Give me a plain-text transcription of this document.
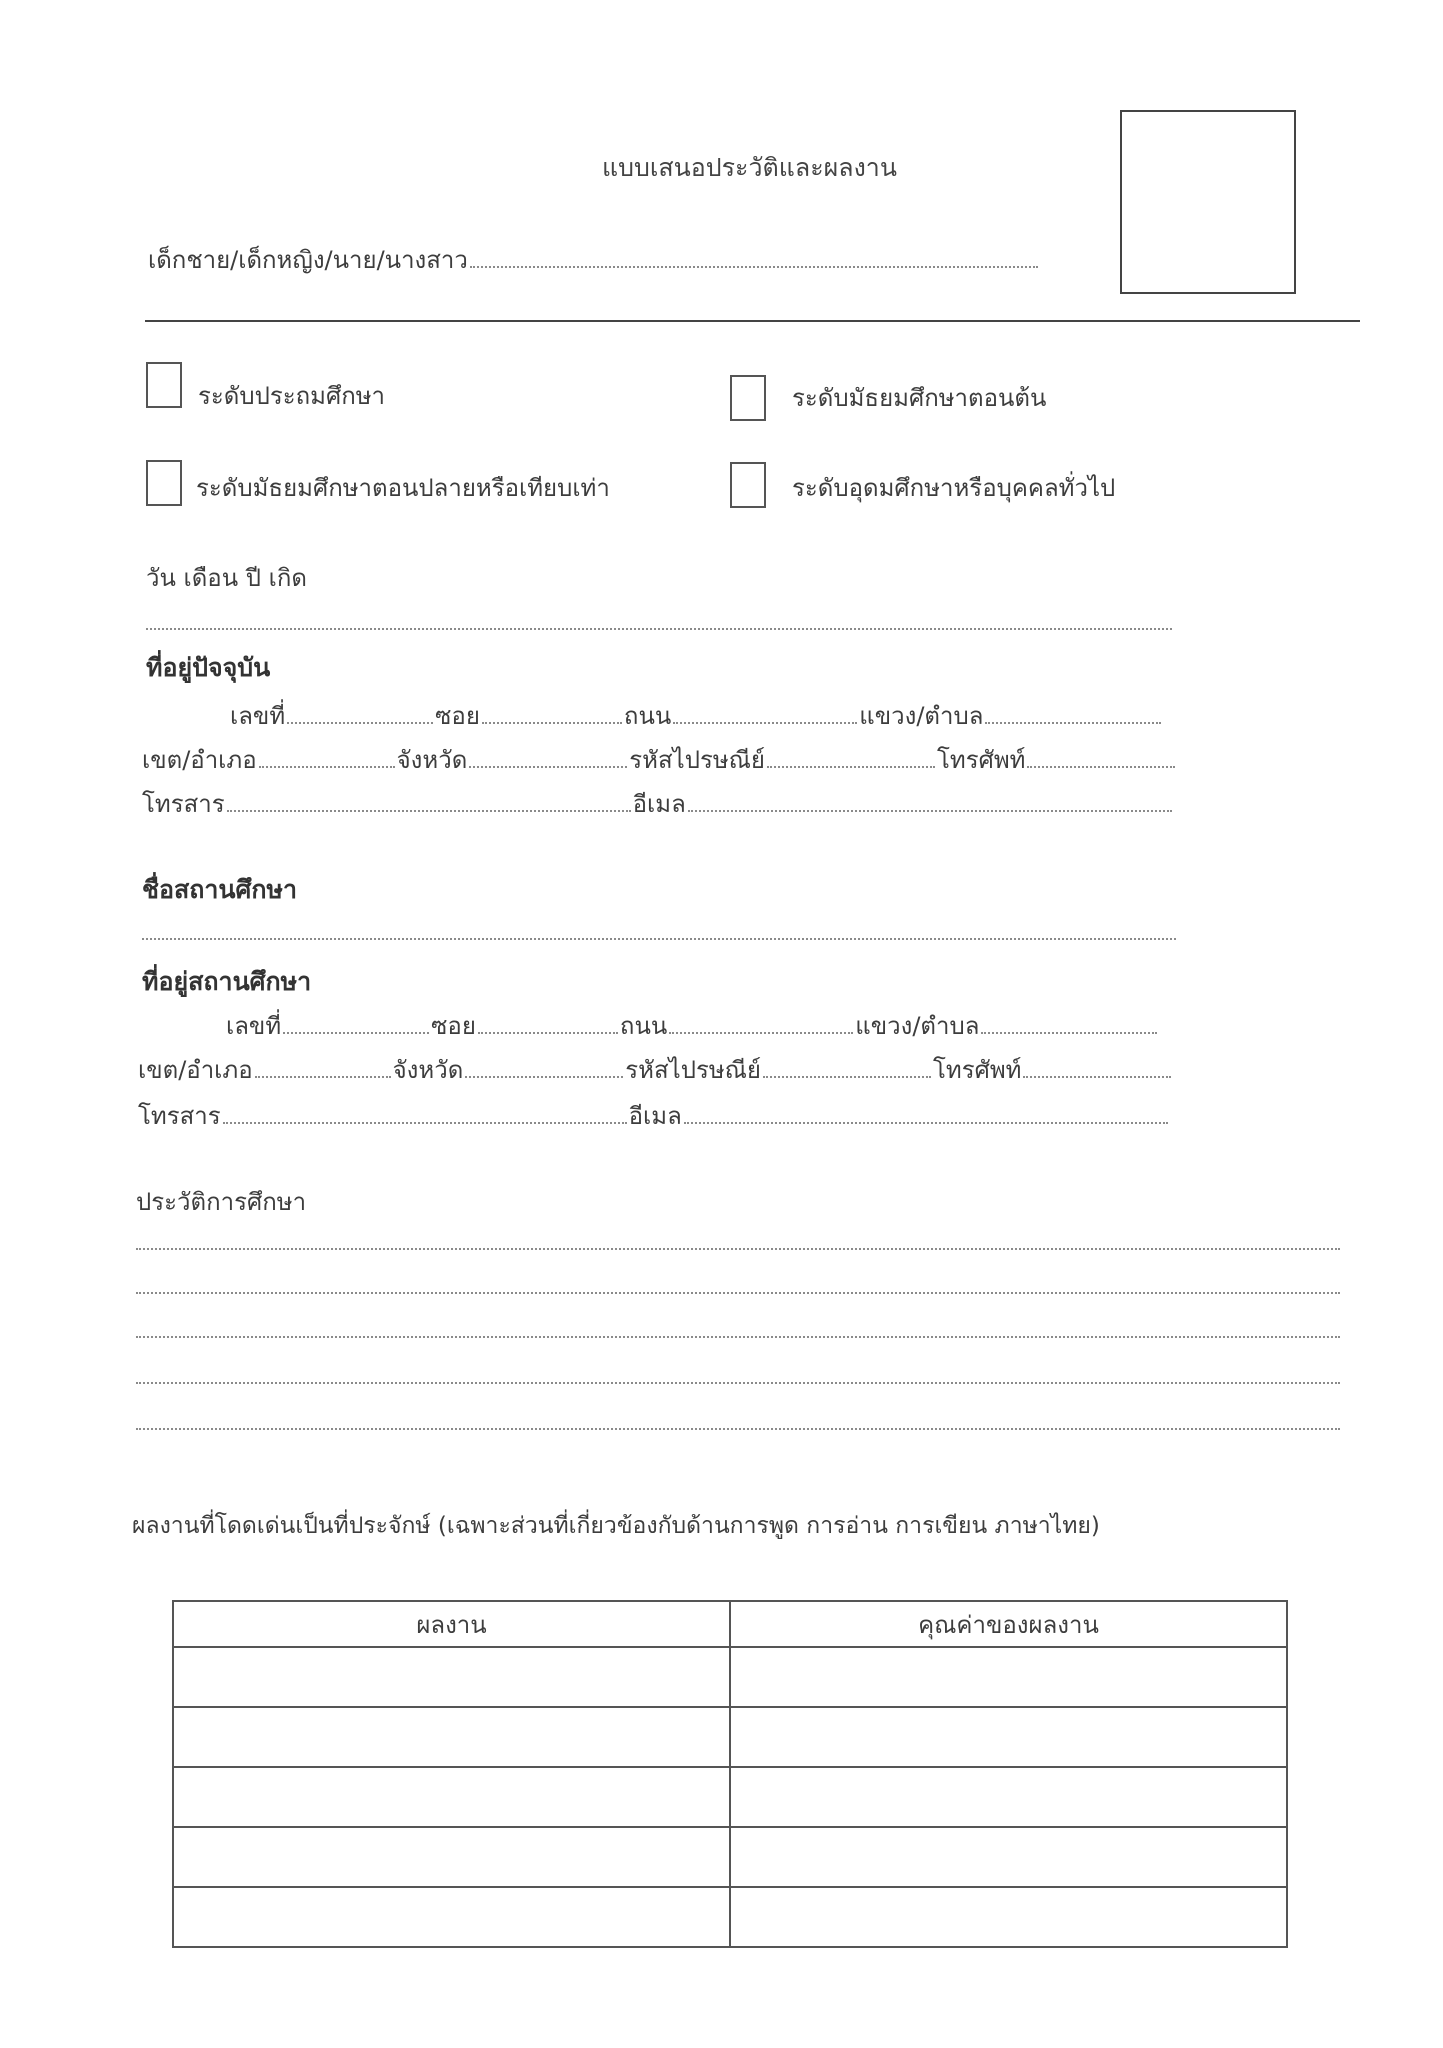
แบบเสนอประวัติและผลงาน
เด็กชาย/เด็กหญิง/นาย/นางสาว
ระดับประถมศึกษา	ระดับมัธยมศึกษาตอนต้น
ระดับมัธยมศึกษาตอนปลายหรือเทียบเท่า	ระดับอุดมศึกษาหรือบุคคลทั่วไป
วัน เดือน ปี เกิด
ที่อยู่ปัจจุบัน
เลขที่	ซอย	ถนน	แขวง/ตำบล
เขต/อำเภอ	จังหวัด	รหัสไปรษณีย์	โทรศัพท์
โทรสาร	อีเมล
ชื่อสถานศึกษา
ที่อยู่สถานศึกษา
เลขที่	ซอย	ถนน	แขวง/ตำบล
เขต/อำเภอ	จังหวัด	รหัสไปรษณีย์	โทรศัพท์
โทรสาร	อีเมล
ประวัติการศึกษา
ผลงานที่โดดเด่นเป็นที่ประจักษ์ (เฉพาะส่วนที่เกี่ยวข้องกับด้านการพูด การอ่าน การเขียน ภาษาไทย)
ผลงาน	คุณค่าของผลงาน
